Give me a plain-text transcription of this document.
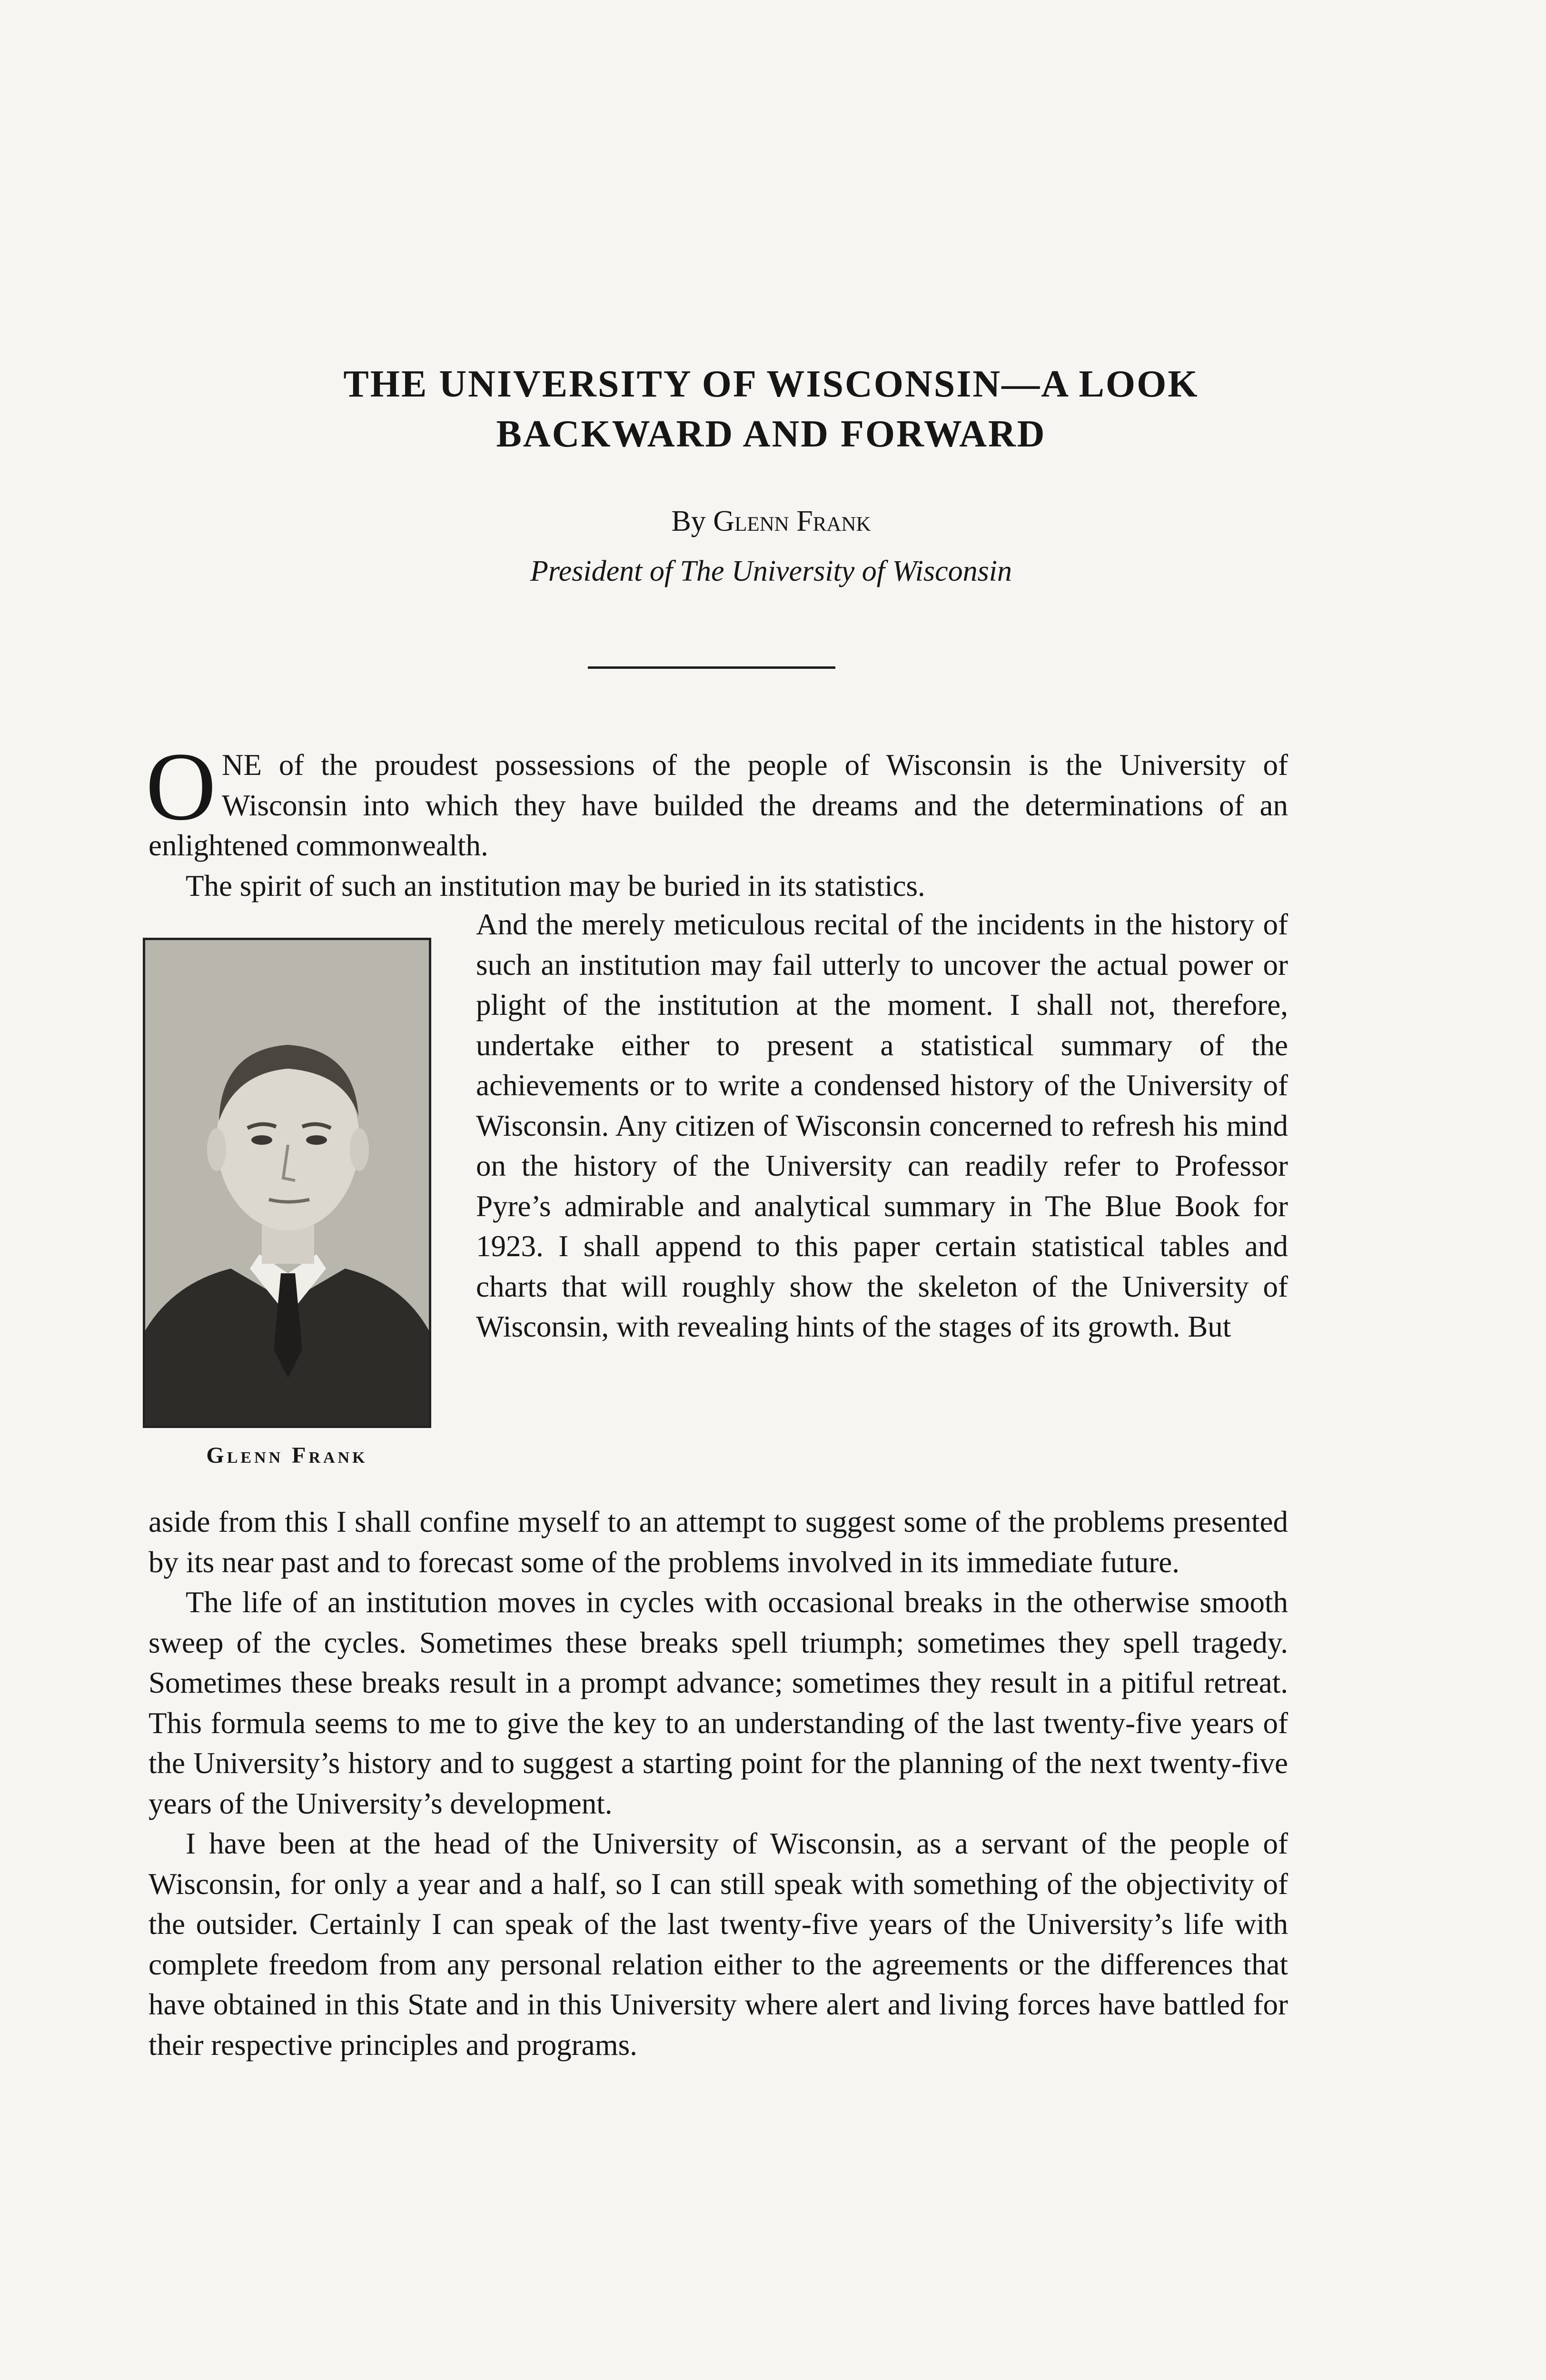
THE UNIVERSITY OF WISCONSIN—A LOOK
BACKWARD AND FORWARD
By Glenn Frank
President of The University of Wisconsin

ONE of the proudest possessions of the people of Wisconsin is the University of Wisconsin into which they have builded the dreams and the determinations of an enlightened commonwealth.

The spirit of such an institution may be buried in its statistics.

Glenn Frank

And the merely meticulous recital of the incidents in the history of such an institution may fail utterly to uncover the actual power or plight of the institution at the moment. I shall not, therefore, undertake either to present a statistical summary of the achievements or to write a condensed history of the University of Wisconsin. Any citizen of Wisconsin concerned to refresh his mind on the history of the University can readily refer to Professor Pyre’s admirable and analytical summary in The Blue Book for 1923. I shall append to this paper certain statistical tables and charts that will roughly show the skeleton of the University of Wisconsin, with revealing hints of the stages of its growth. But

aside from this I shall confine myself to an attempt to suggest some of the problems presented by its near past and to forecast some of the problems involved in its immediate future.

The life of an institution moves in cycles with occasional breaks in the otherwise smooth sweep of the cycles. Sometimes these breaks spell triumph; sometimes they spell tragedy. Sometimes these breaks result in a prompt advance; sometimes they result in a pitiful retreat. This formula seems to me to give the key to an understanding of the last twenty-five years of the University’s history and to suggest a starting point for the planning of the next twenty-five years of the University’s development.

I have been at the head of the University of Wisconsin, as a servant of the people of Wisconsin, for only a year and a half, so I can still speak with something of the objectivity of the outsider. Certainly I can speak of the last twenty-five years of the University’s life with complete freedom from any personal relation either to the agreements or the differences that have obtained in this State and in this University where alert and living forces have battled for their respective principles and programs.
